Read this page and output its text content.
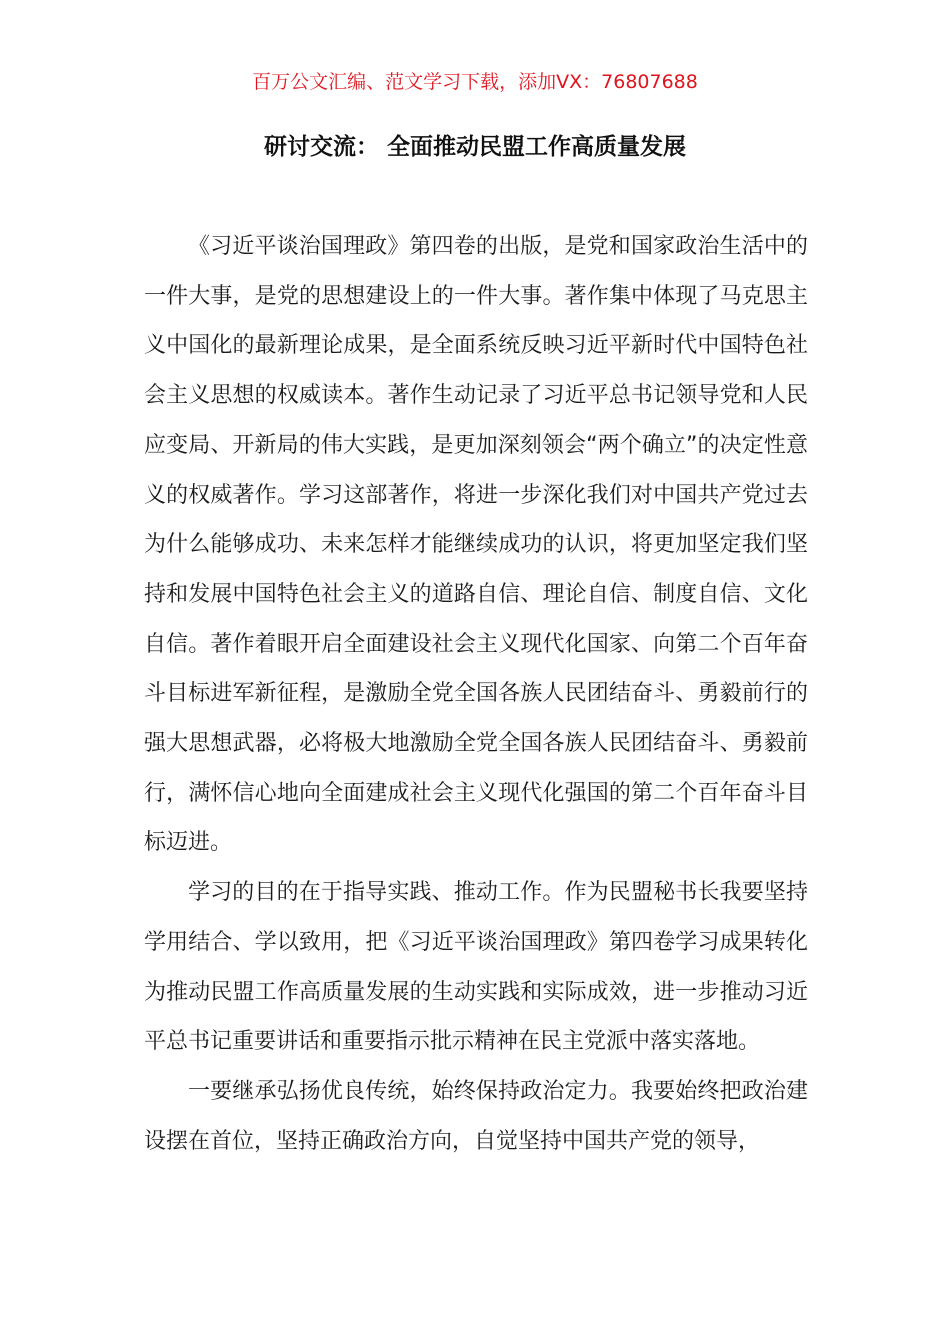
百万公文汇编、范文学习下载，添加VX：76807688
研讨交流： 全面推动民盟工作高质量发展

《习近平谈治国理政》第四卷的出版，是党和国家政治生活中的一件大事，是党的思想建设上的一件大事。著作集中体现了马克思主义中国化的最新理论成果，是全面系统反映习近平新时代中国特色社会主义思想的权威读本。著作生动记录了习近平总书记领导党和人民应变局、开新局的伟大实践，是更加深刻领会“两个确立”的决定性意义的权威著作。学习这部著作，将进一步深化我们对中国共产党过去为什么能够成功、未来怎样才能继续成功的认识，将更加坚定我们坚持和发展中国特色社会主义的道路自信、理论自信、制度自信、文化自信。著作着眼开启全面建设社会主义现代化国家、向第二个百年奋斗目标进军新征程，是激励全党全国各族人民团结奋斗、勇毅前行的强大思想武器，必将极大地激励全党全国各族人民团结奋斗、勇毅前行，满怀信心地向全面建成社会主义现代化强国的第二个百年奋斗目标迈进。

学习的目的在于指导实践、推动工作。作为民盟秘书长我要坚持学用结合、学以致用，把《习近平谈治国理政》第四卷学习成果转化为推动民盟工作高质量发展的生动实践和实际成效，进一步推动习近平总书记重要讲话和重要指示批示精神在民主党派中落实落地。

一要继承弘扬优良传统，始终保持政治定力。我要始终把政治建设摆在首位，坚持正确政治方向，自觉坚持中国共产党的领导，
